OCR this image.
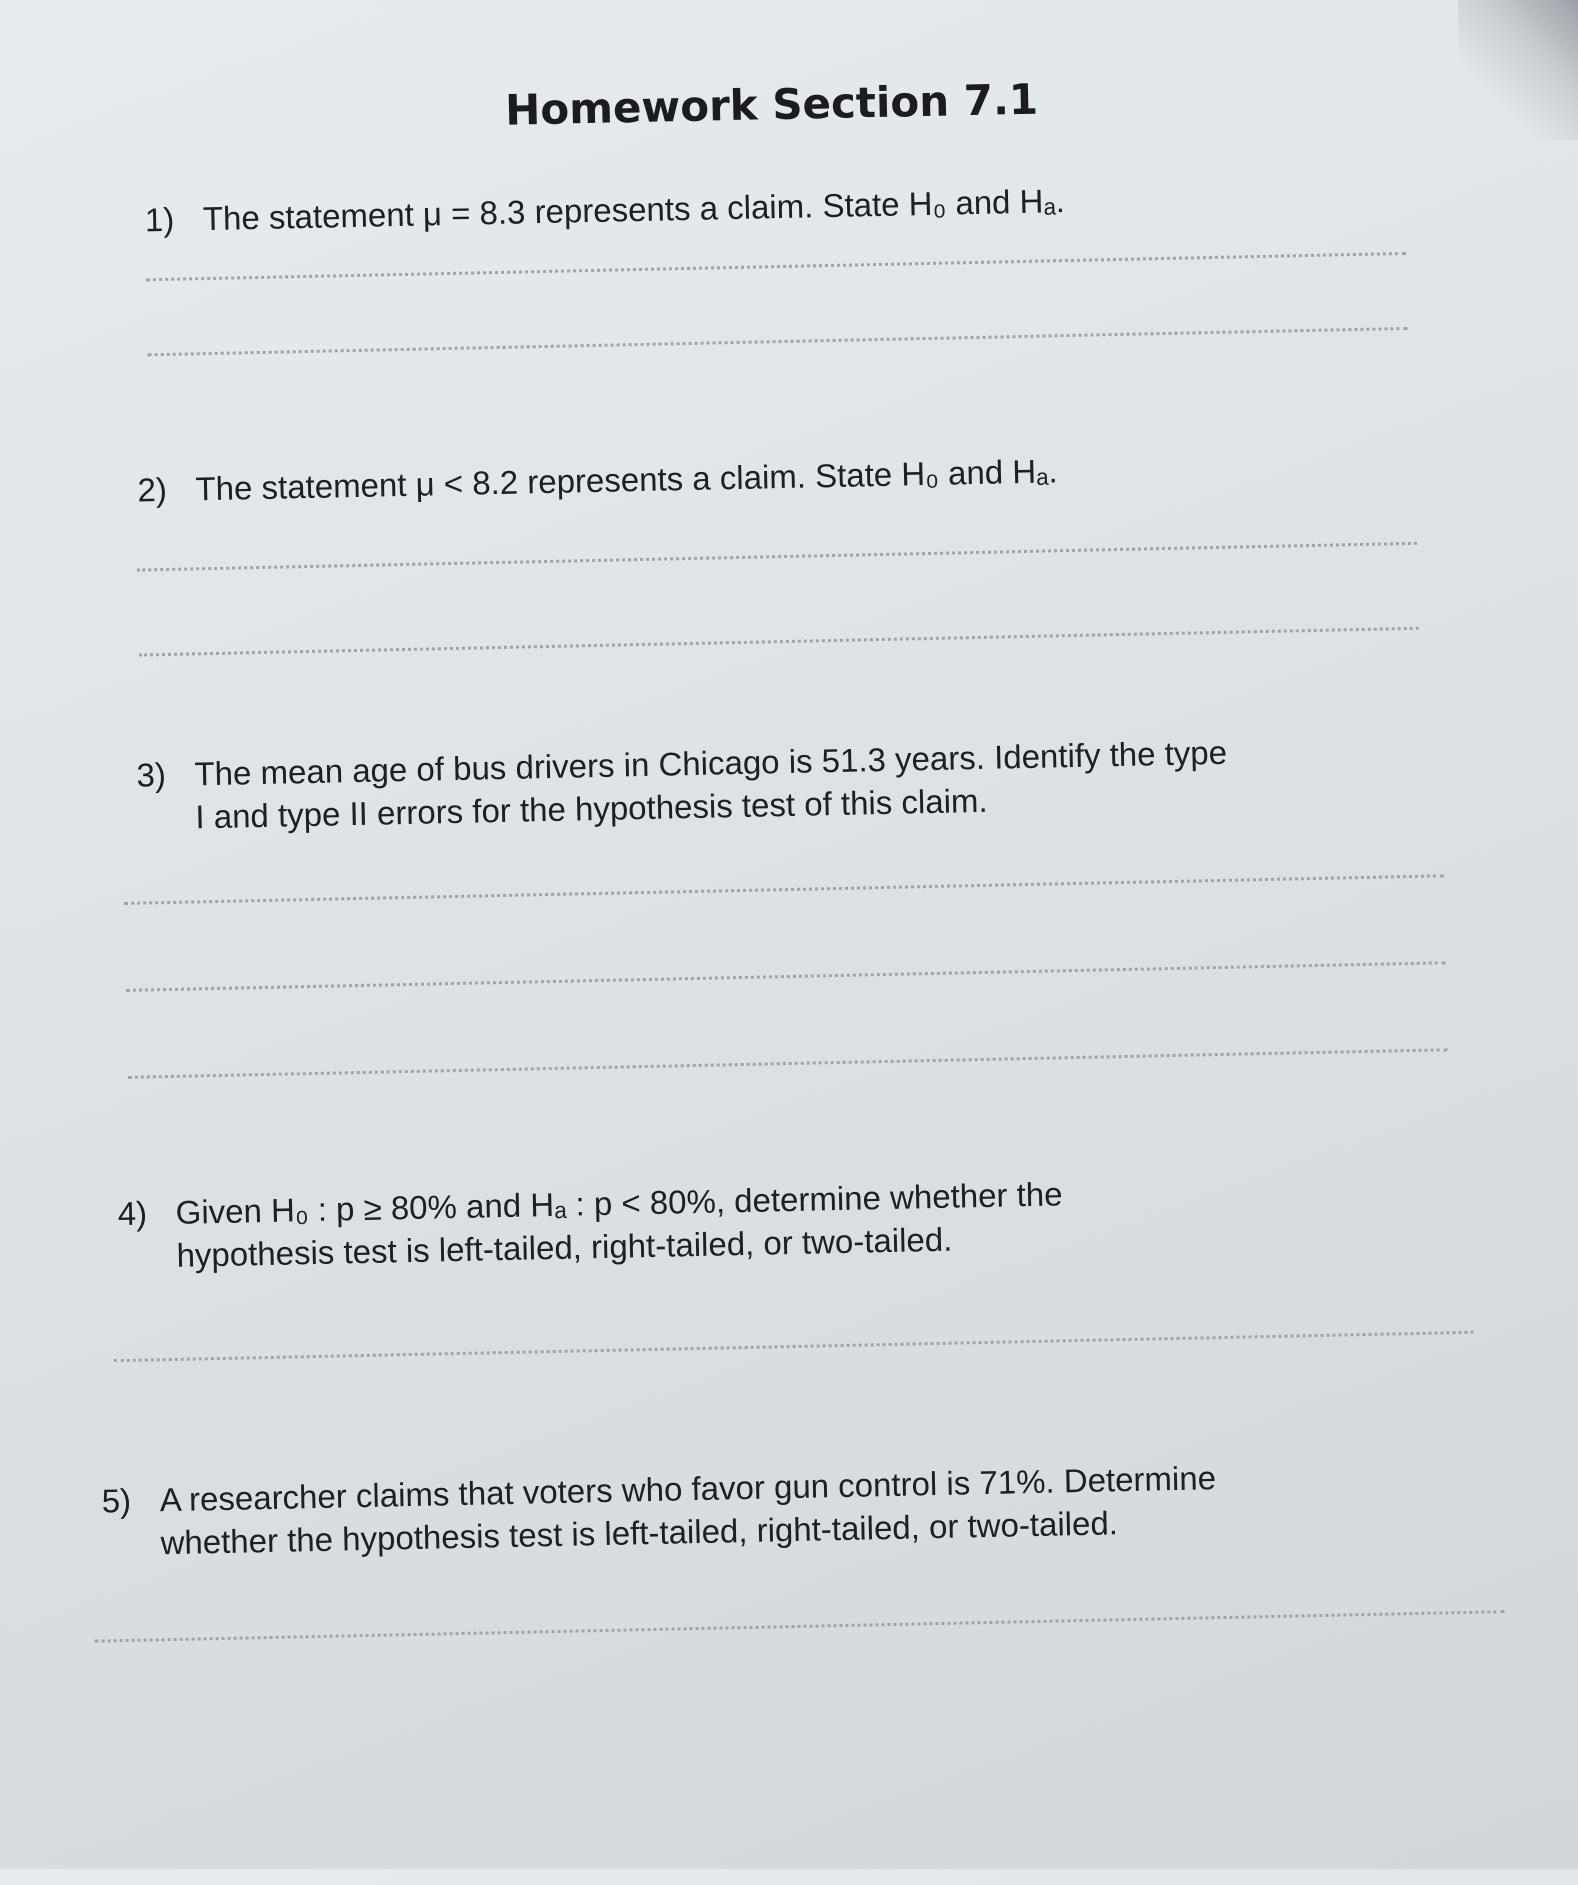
Homework Section 7.1
1) The statement μ = 8.3 represents a claim. State H₀ and Hₐ.
2) The statement μ < 8.2 represents a claim. State H₀ and Hₐ.
3) The mean age of bus drivers in Chicago is 51.3 years. Identify the type
I and type II errors for the hypothesis test of this claim.
4) Given H₀ : p ≥ 80% and Hₐ : p < 80%, determine whether the
hypothesis test is left-tailed, right-tailed, or two-tailed.
5) A researcher claims that voters who favor gun control is 71%. Determine
whether the hypothesis test is left-tailed, right-tailed, or two-tailed.
